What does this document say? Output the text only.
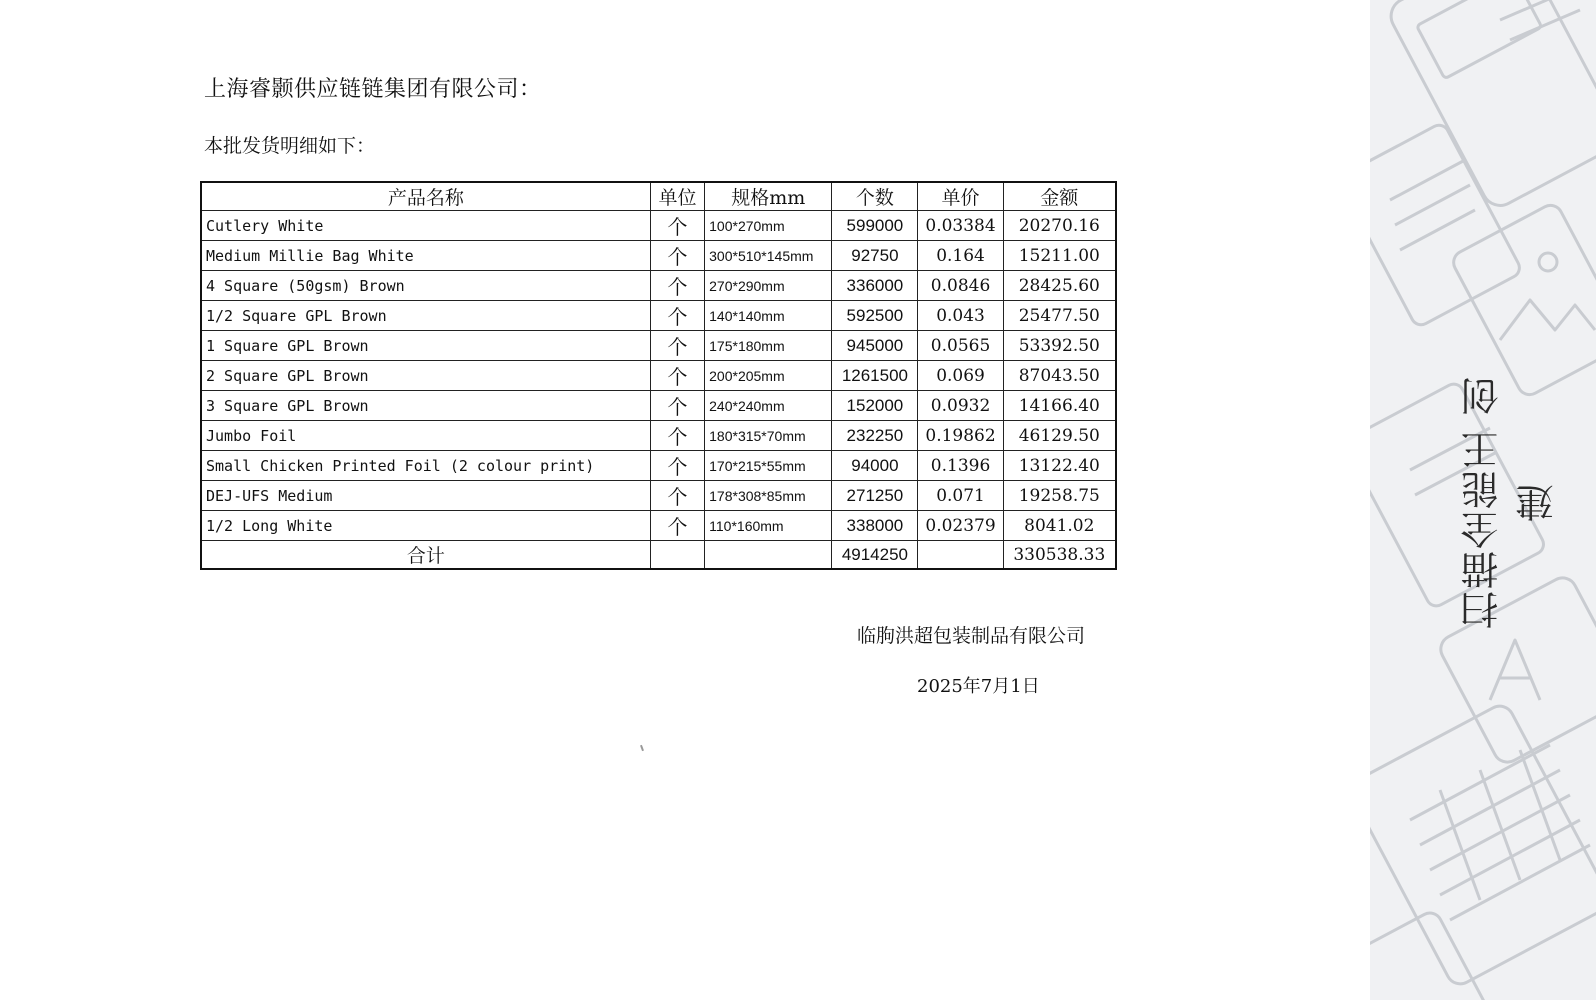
上海睿颢供应链链集团有限公司：
本批发货明细如下：
产品名称	单位	规格mm	个数	单价	金额
Cutlery White	个	100*270mm	599000	0.03384	20270.16
Medium Millie Bag White	个	300*510*145mm	92750	0.164	15211.00
4 Square (50gsm) Brown	个	270*290mm	336000	0.0846	28425.60
1/2 Square GPL Brown	个	140*140mm	592500	0.043	25477.50
1 Square GPL Brown	个	175*180mm	945000	0.0565	53392.50
2 Square GPL Brown	个	200*205mm	1261500	0.069	87043.50
3 Square GPL Brown	个	240*240mm	152000	0.0932	14166.40
Jumbo Foil	个	180*315*70mm	232250	0.19862	46129.50
Small Chicken Printed Foil (2 colour print)	个	170*215*55mm	94000	0.1396	13122.40
DEJ-UFS Medium	个	178*308*85mm	271250	0.071	19258.75
1/2 Long White	个	110*160mm	338000	0.02379	8041.02
合计			4914250		330538.33
临朐洪超包装制品有限公司
2025年7月1日
扫描全能王 创建
